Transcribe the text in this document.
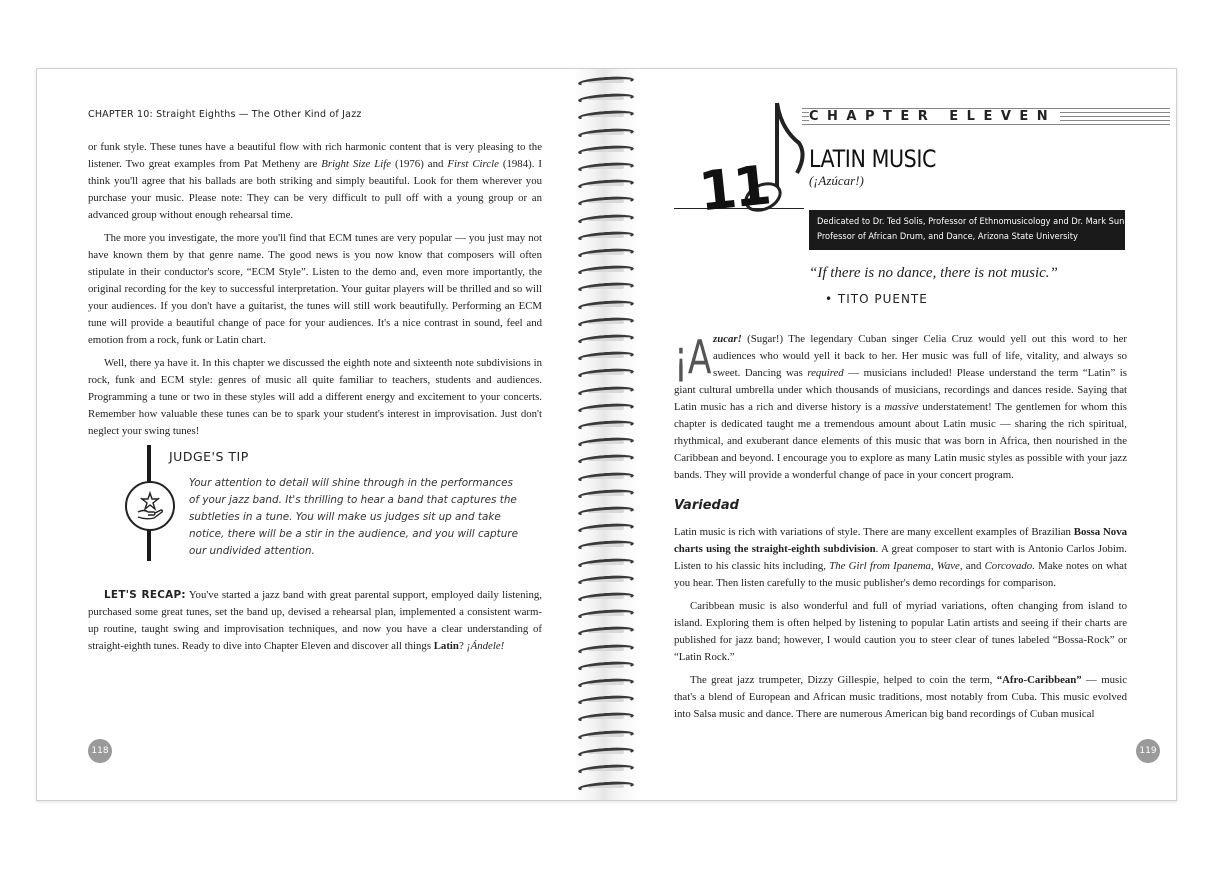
CHAPTER 10: Straight Eighths — The Other Kind of Jazz

or funk style. These tunes have a beautiful flow with rich harmonic content that is very pleasing to the listener. Two great examples from Pat Metheny are Bright Size Life (1976) and First Circle (1984). I think you'll agree that his ballads are both striking and simply beautiful. Look for them wherever you purchase your music. Please note: They can be very difficult to pull off with a young group or an advanced group without enough rehearsal time.

The more you investigate, the more you'll find that ECM tunes are very popular — you just may not have known them by that genre name. The good news is you now know that composers will often stipulate in their conductor's score, “ECM Style”. Listen to the demo and, even more importantly, the original recording for the key to successful interpretation. Your guitar players will be thrilled and so will your audiences. If you don't have a guitarist, the tunes will still work beautifully. Performing an ECM tune will provide a beautiful change of pace for your audiences. It's a nice contrast in sound, feel and emotion from a rock, funk or Latin chart.

Well, there ya have it. In this chapter we discussed the eighth note and sixteenth note subdivisions in rock, funk and ECM style: genres of music all quite familiar to teachers, students and audiences. Programming a tune or two in these styles will add a different energy and excitement to your concerts. Remember how valuable these tunes can be to spark your student's interest in improvisation. Just don't neglect your swing tunes!

JUDGE'S TIP
Your attention to detail will shine through in the performances
of your jazz band. It's thrilling to hear a band that captures the subtleties in a tune. You will make us judges sit up and take notice, there will be a stir in the audience, and you will capture our undivided attention.
LET'S RECAP: You've started a jazz band with great parental support, employed daily listening, purchased some great tunes, set the band up, devised a rehearsal plan, implemented a consistent warm-up routine, taught swing and improvisation techniques, and now you have a clear understanding of straight-eighth tunes. Ready to dive into Chapter Eleven and discover all things Latin? ¡Ándele!
118
CHAPTER ELEVEN
11 LATIN MUSIC
(¡Azúcar!)
Dedicated to Dr. Ted Solis, Professor of Ethnomusicology and Dr. Mark Sunkett,
Professor of African Drum, and Dance, Arizona State University
“If there is no dance, there is not music.”
• TITO PUENTE

¡A zucar! (Sugar!) The legendary Cuban singer Celia Cruz would yell out this word to her audiences who would yell it back to her. Her music was full of life, vitality, and always so sweet. Dancing was required — musicians included! Please understand the term “Latin” is giant cultural umbrella under which thousands of musicians, recordings and dances reside. Saying that Latin music has a rich and diverse history is a massive understatement! The gentlemen for whom this chapter is dedicated taught me a tremendous amount about Latin music — sharing the rich spiritual, rhythmical, and exuberant dance elements of this music that was born in Africa, then nourished in the Caribbean and beyond. I encourage you to explore as many Latin music styles as possible with your jazz bands. They will provide a wonderful change of pace in your concert program.

Variedad

Latin music is rich with variations of style. There are many excellent examples of Brazilian Bossa Nova charts using the straight-eighth subdivision. A great composer to start with is Antonio Carlos Jobim. Listen to his classic hits including, The Girl from Ipanema, Wave, and Corcovado. Make notes on what you hear. Then listen carefully to the music publisher's demo recordings for comparison.

Caribbean music is also wonderful and full of myriad variations, often changing from island to island. Exploring them is often helped by listening to popular Latin artists and seeing if their charts are published for jazz band; however, I would caution you to steer clear of tunes labeled “Bossa-Rock” or “Latin Rock.”

The great jazz trumpeter, Dizzy Gillespie, helped to coin the term, “Afro-Caribbean” — music that's a blend of European and African music traditions, most notably from Cuba. This music evolved into Salsa music and dance. There are numerous American big band recordings of Cuban musical

119
